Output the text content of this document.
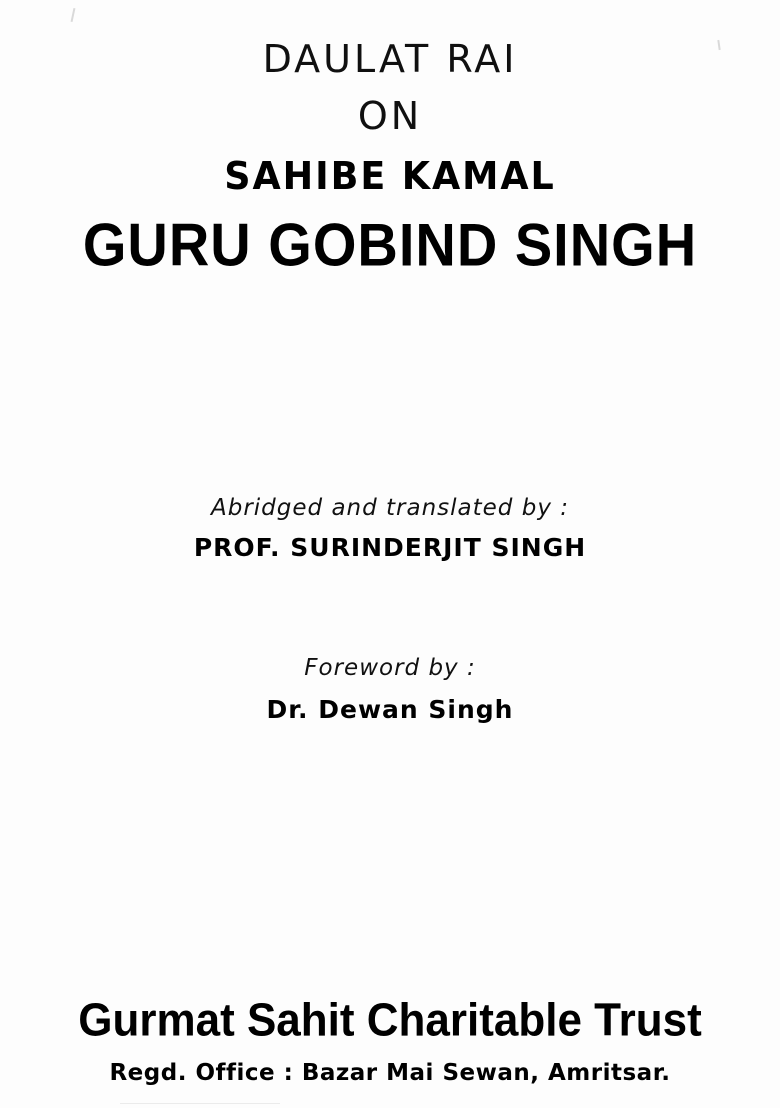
DAULAT RAI
ON
SAHIBE KAMAL
GURU GOBIND SINGH
Abridged and translated by :
PROF. SURINDERJIT SINGH
Foreword by :
Dr. Dewan Singh
Gurmat Sahit Charitable Trust
Regd. Office : Bazar Mai Sewan, Amritsar.
